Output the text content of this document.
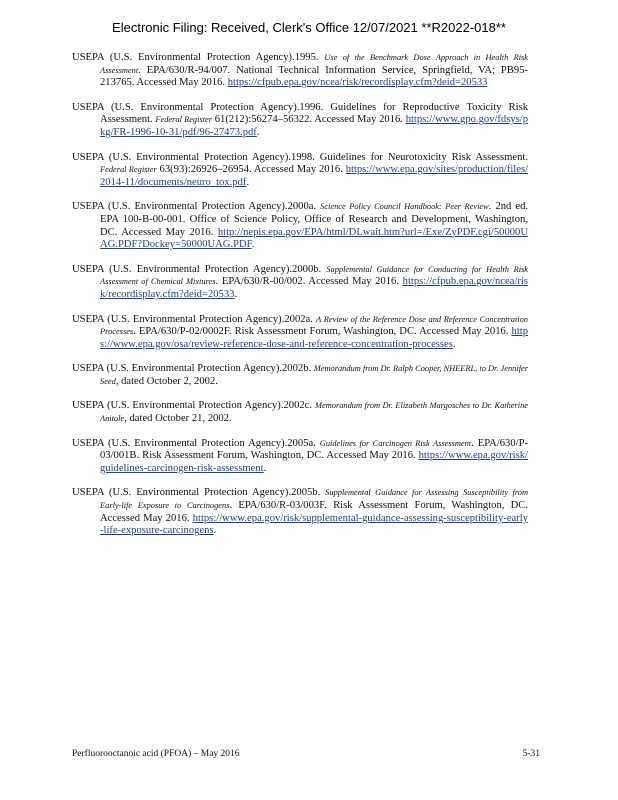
Electronic Filing: Received, Clerk's Office 12/07/2021 **R2022-018**

USEPA (U.S. Environmental Protection Agency).1995. Use of the Benchmark Dose Approach in Health Risk Assessment. EPA/630/R-94/007. National Technical Information Service, Springfield, VA; PB95-213765. Accessed May 2016. https://cfpub.epa.gov/ncea/risk/recordisplay.cfm?deid=20533

USEPA (U.S. Environmental Protection Agency).1996. Guidelines for Reproductive Toxicity Risk Assessment. Federal Register 61(212):56274–56322. Accessed May 2016. https://www.gpo.gov/fdsys/pkg/FR-1996-10-31/pdf/96-27473.pdf.

USEPA (U.S. Environmental Protection Agency).1998. Guidelines for Neurotoxicity Risk Assessment. Federal Register 63(93):26926–26954. Accessed May 2016. https://www.epa.gov/sites/production/files/2014-11/documents/neuro_tox.pdf.

USEPA (U.S. Environmental Protection Agency).2000a. Science Policy Council Handbook: Peer Review. 2nd ed. EPA 100-B-00-001. Office of Science Policy, Office of Research and Development, Washington, DC. Accessed May 2016. http://nepis.epa.gov/EPA/html/DLwait.htm?url=/Exe/ZyPDF.cgi/50000UAG.PDF?Dockey=50000UAG.PDF.

USEPA (U.S. Environmental Protection Agency).2000b. Supplemental Guidance for Conducting for Health Risk Assessment of Chemical Mixtures. EPA/630/R-00/002. Accessed May 2016. https://cfpub.epa.gov/ncea/risk/recordisplay.cfm?deid=20533.

USEPA (U.S. Environmental Protection Agency).2002a. A Review of the Reference Dose and Reference Concentration Processes. EPA/630/P-02/0002F. Risk Assessment Forum, Washington, DC. Accessed May 2016. https://www.epa.gov/osa/review-reference-dose-and-reference-concentration-processes.

USEPA (U.S. Environmental Protection Agency).2002b. Memorandum from Dr. Ralph Cooper, NHEERL, to Dr. Jennifer Seed, dated October 2, 2002.

USEPA (U.S. Environmental Protection Agency).2002c. Memorandum from Dr. Elizabeth Margosches to Dr. Katherine Anitole, dated October 21, 2002.

USEPA (U.S. Environmental Protection Agency).2005a. Guidelines for Carcinogen Risk Assessment. EPA/630/P-03/001B. Risk Assessment Forum, Washington, DC. Accessed May 2016. https://www.epa.gov/risk/guidelines-carcinogen-risk-assessment.

USEPA (U.S. Environmental Protection Agency).2005b. Supplemental Guidance for Assessing Susceptibility from Early-life Exposure to Carcinogens. EPA/630/R-03/003F. Risk Assessment Forum, Washington, DC. Accessed May 2016. https://www.epa.gov/risk/supplemental-guidance-assessing-susceptibility-early-life-exposure-carcinogens.

Perfluorooctanoic acid (PFOA) – May 2016	5-31
